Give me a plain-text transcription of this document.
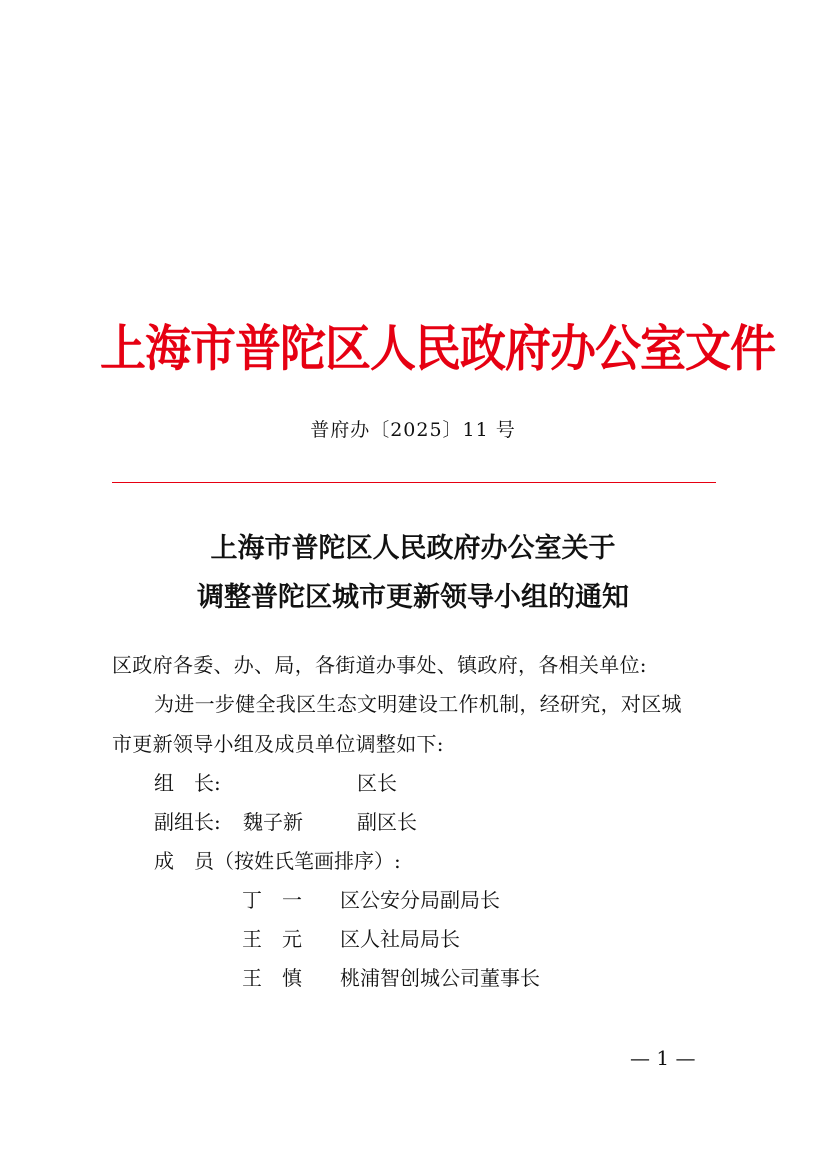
上海市普陀区人民政府办公室文件
普府办〔2025〕11 号
上海市普陀区人民政府办公室关于
调整普陀区城市更新领导小组的通知
区政府各委、办、局，各街道办事处、镇政府，各相关单位:
为进一步健全我区生态文明建设工作机制，经研究，对区城
市更新领导小组及成员单位调整如下:
组　长:	区长
副组长: 魏子新	副区长
成　员（按姓氏笔画排序）:
丁　一 区公安分局副局长
王　元 区人社局局长
王　慎 桃浦智创城公司董事长
— 1 —
